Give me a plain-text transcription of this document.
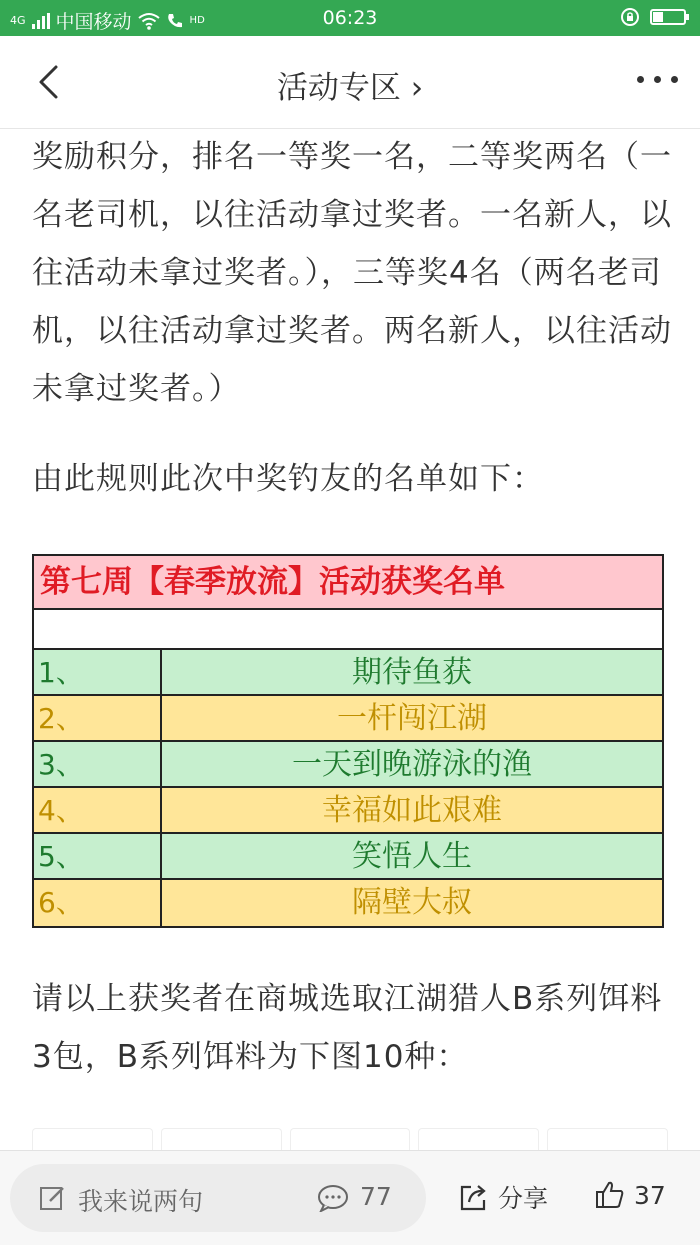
4G 中国移动	HD	06:23
活动专区 ›

奖励积分，排名一等奖一名，二等奖两名（一名老司机，以往活动拿过奖者。一名新人，以往活动未拿过奖者。），三等奖4名（两名老司机，以往活动拿过奖者。两名新人，以往活动未拿过奖者。）

由此规则此次中奖钓友的名单如下：

第七周【春季放流】活动获奖名单
1、	期待鱼获
2、	一杆闯江湖
3、	一天到晚游泳的渔
4、	幸福如此艰难
5、	笑悟人生
6、	隔壁大叔

请以上获奖者在商城选取江湖猎人B系列饵料3包，B系列饵料为下图10种：

我来说两句	77	分享	37
